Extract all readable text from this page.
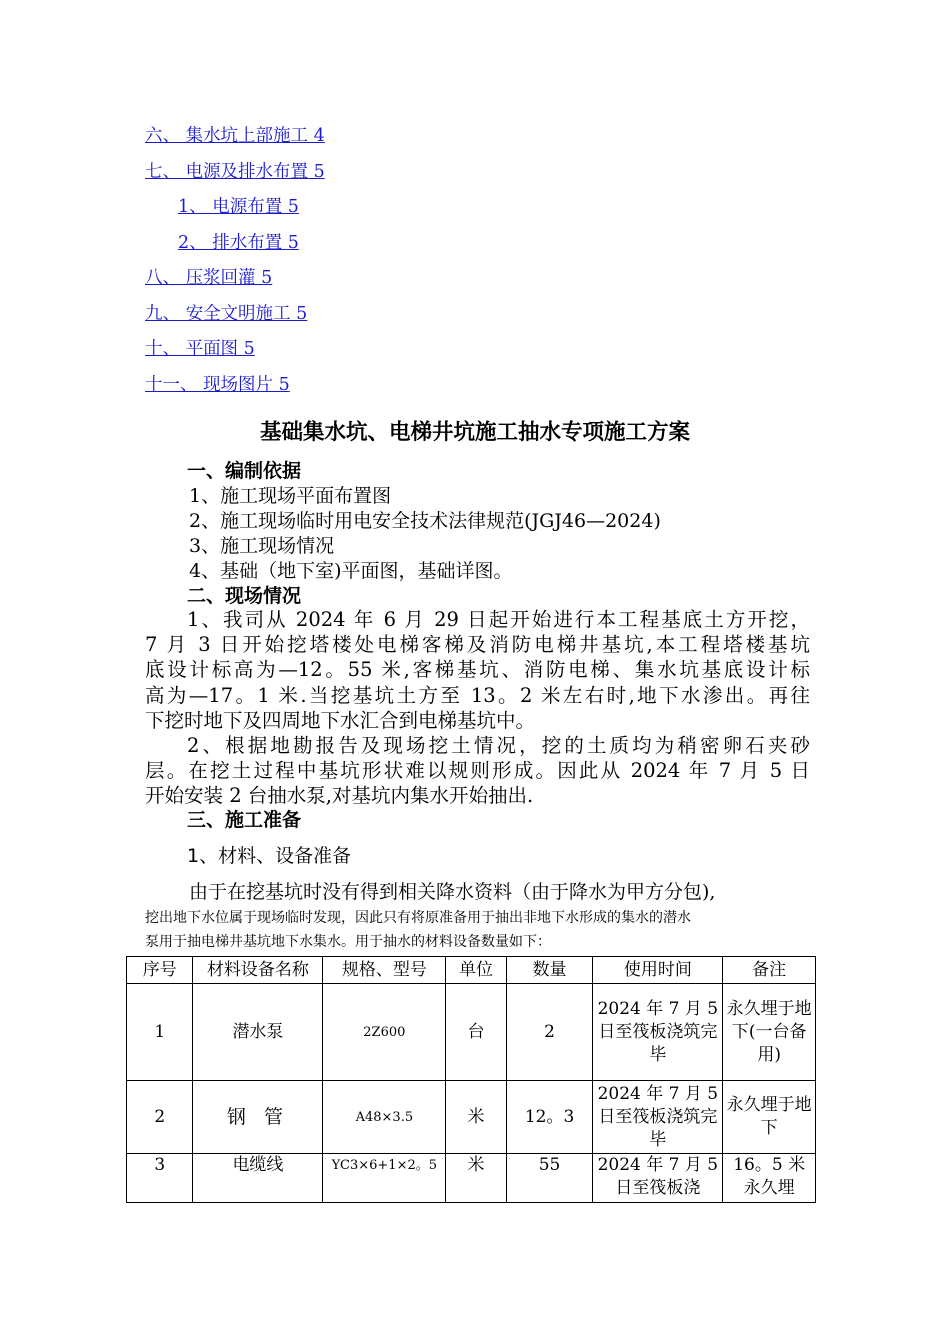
六、 集水坑上部施工 4
七、 电源及排水布置 5
1、 电源布置 5
2、 排水布置 5
八、 压浆回灌 5
九、 安全文明施工 5
十、 平面图 5
十一、 现场图片 5
基础集水坑、电梯井坑施工抽水专项施工方案
一、编制依据
1、施工现场平面布置图
2、施工现场临时用电安全技术法律规范(JGJ46—2024)
3、施工现场情况
4、基础（地下室)平面图，基础详图。
二、现场情况
1、我司从 2024 年 6 月 29 日起开始进行本工程基底土方开挖，
7 月 3 日开始挖塔楼处电梯客梯及消防电梯井基坑,本工程塔楼基坑
底设计标高为—12。55 米,客梯基坑、消防电梯、集水坑基底设计标
高为—17。1 米.当挖基坑土方至 13。2 米左右时,地下水渗出。再往
下挖时地下及四周地下水汇合到电梯基坑中。
2、根据地勘报告及现场挖土情况，挖的土质均为稍密卵石夹砂
层。在挖土过程中基坑形状难以规则形成。因此从 2024 年 7 月 5 日
开始安装 2 台抽水泵,对基坑内集水开始抽出.
三、施工准备
1、材料、设备准备
由于在挖基坑时没有得到相关降水资料（由于降水为甲方分包),
挖出地下水位属于现场临时发现，因此只有将原准备用于抽出非地下水形成的集水的潜水
泵用于抽电梯井基坑地下水集水。用于抽水的材料设备数量如下：
序号	材料设备名称	规格、型号	单位	数量	使用时间	备注
1	潜水泵	2Z600	台	2	2024 年 7 月 5 日至筏板浇筑完毕	永久埋于地下(一台备用)
2	钢 管	A48×3.5	米	12。3	2024 年 7 月 5 日至筏板浇筑完毕	永久埋于地下
3	电缆线	YC3×6+1×2。5	米	55	2024 年 7 月 5 日至筏板浇	16。5 米永久埋
